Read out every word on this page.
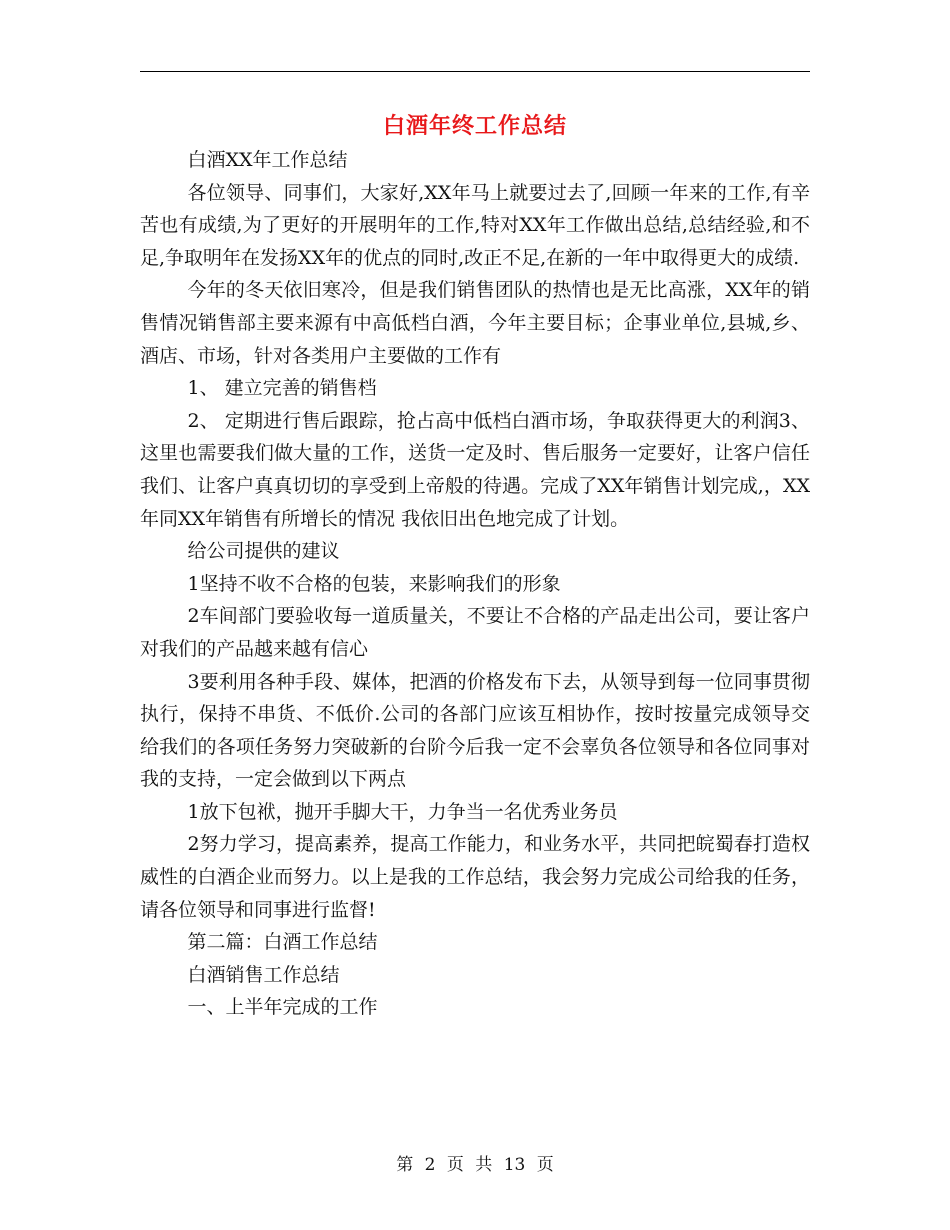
白酒年终工作总结

白酒XX年工作总结

各位领导、同事们，大家好,XX年马上就要过去了,回顾一年来的工作,有辛苦也有成绩,为了更好的开展明年的工作,特对XX年工作做出总结,总结经验,和不足,争取明年在发扬XX年的优点的同时,改正不足,在新的一年中取得更大的成绩.

今年的冬天依旧寒冷，但是我们销售团队的热情也是无比高涨，XX年的销售情况销售部主要来源有中高低档白酒，今年主要目标；企事业单位,县城,乡、酒店、市场，针对各类用户主要做的工作有

1、 建立完善的销售档

2、 定期进行售后跟踪，抢占高中低档白酒市场，争取获得更大的利润3、 这里也需要我们做大量的工作，送货一定及时、售后服务一定要好，让客户信任我们、让客户真真切切的享受到上帝般的待遇。完成了XX年销售计划完成,，XX年同XX年销售有所增长的情况 我依旧出色地完成了计划。

给公司提供的建议

1坚持不收不合格的包装，来影响我们的形象

2车间部门要验收每一道质量关，不要让不合格的产品走出公司，要让客户对我们的产品越来越有信心

3要利用各种手段、媒体，把酒的价格发布下去，从领导到每一位同事贯彻执行，保持不串货、不低价.公司的各部门应该互相协作，按时按量完成领导交给我们的各项任务努力突破新的台阶今后我一定不会辜负各位领导和各位同事对我的支持，一定会做到以下两点

1放下包袱，抛开手脚大干，力争当一名优秀业务员

2努力学习，提高素养，提高工作能力，和业务水平，共同把皖蜀春打造权威性的白酒企业而努力。以上是我的工作总结，我会努力完成公司给我的任务，请各位领导和同事进行监督!

第二篇：白酒工作总结

白酒销售工作总结

一、上半年完成的工作

第 2 页 共 13 页
